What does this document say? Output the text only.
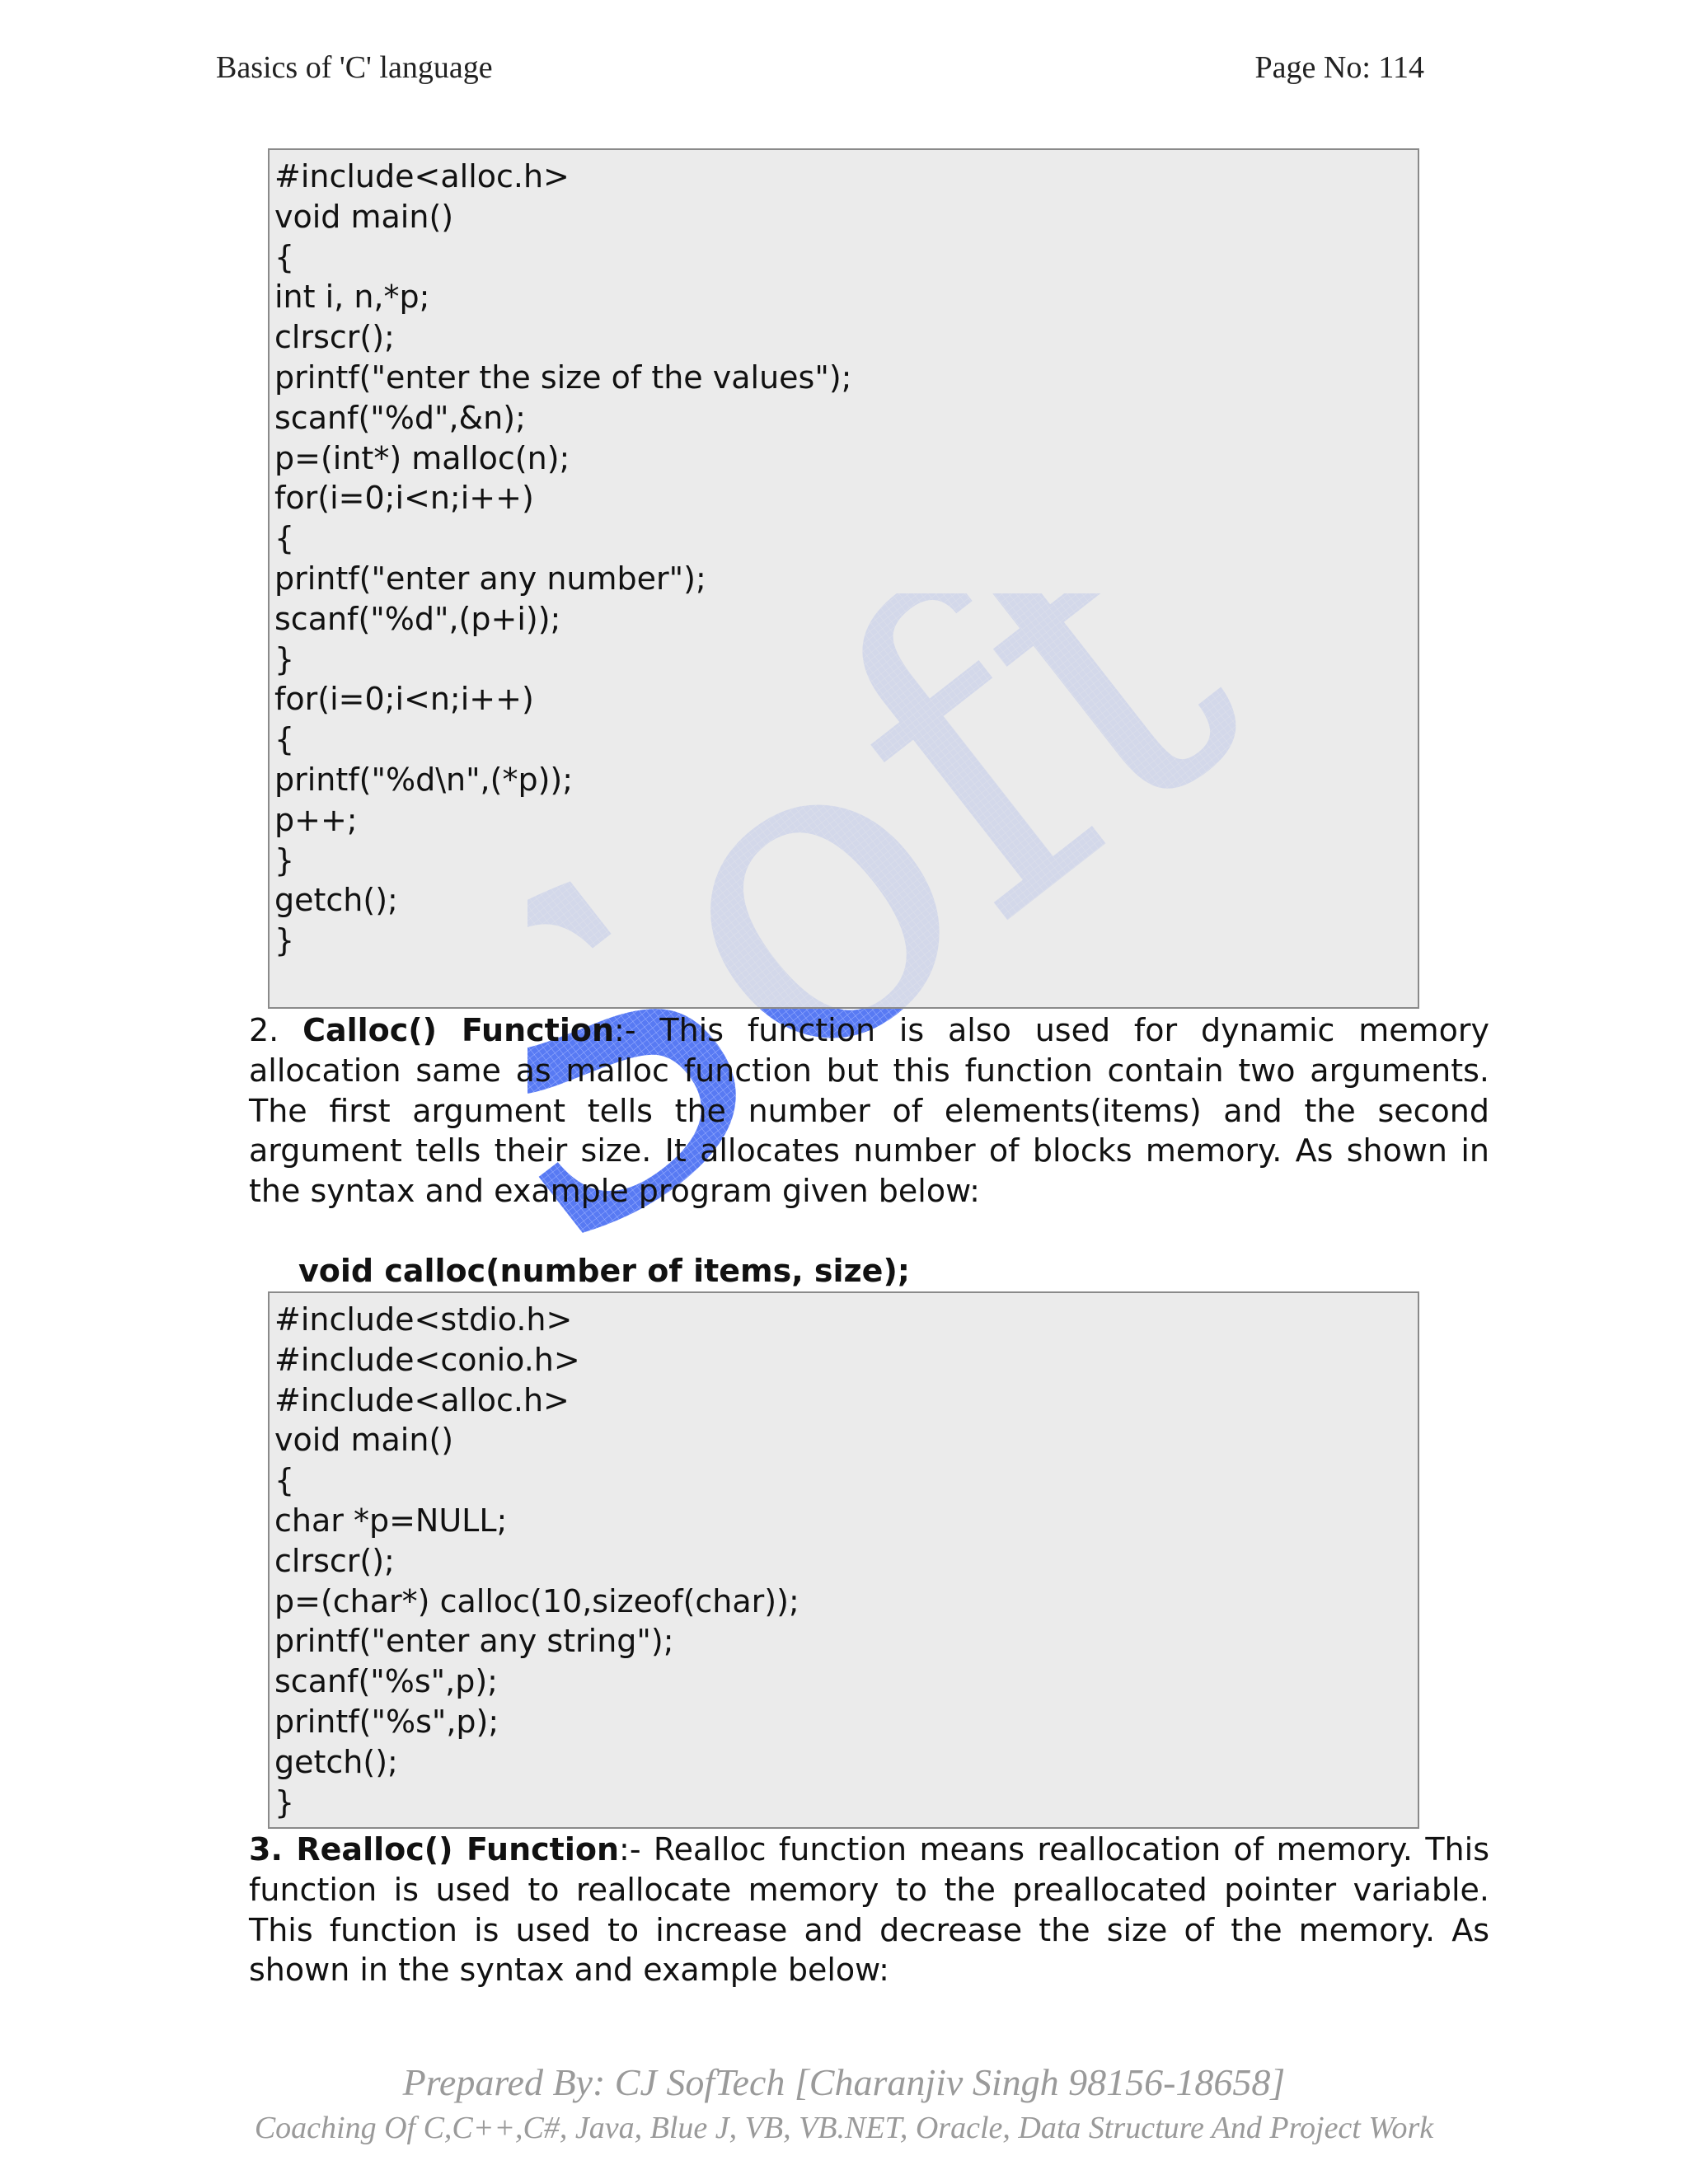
Basics of 'C' language	Page No: 114
#include<alloc.h>
void main()
{
int i, n,*p;
clrscr();
printf("enter the size of the values");
scanf("%d",&n);
p=(int*) malloc(n);
for(i=0;i<n;i++)
{
printf("enter any number");
scanf("%d",(p+i));
}
for(i=0;i<n;i++)
{
printf("%d\n",(*p));
p++;
}
getch();
}
2. Calloc() Function:- This function is also used for dynamic memory allocation same as malloc function but this function contain two arguments. The first argument tells the number of elements(items) and the second argument tells their size. It allocates number of blocks memory. As shown in the syntax and example program given below:
void calloc(number of items, size);
#include<stdio.h>
#include<conio.h>
#include<alloc.h>
void main()
{
char *p=NULL;
clrscr();
p=(char*) calloc(10,sizeof(char));
printf("enter any string");
scanf("%s",p);
printf("%s",p);
getch();
}
3. Realloc() Function:- Realloc function means reallocation of memory. This function is used to reallocate memory to the preallocated pointer variable. This function is used to increase and decrease the size of the memory. As shown in the syntax and example below:
Prepared By: CJ SofTech [Charanjiv Singh 98156-18658]
Coaching Of C,C++,C#, Java, Blue J, VB, VB.NET, Oracle, Data Structure And Project Work
